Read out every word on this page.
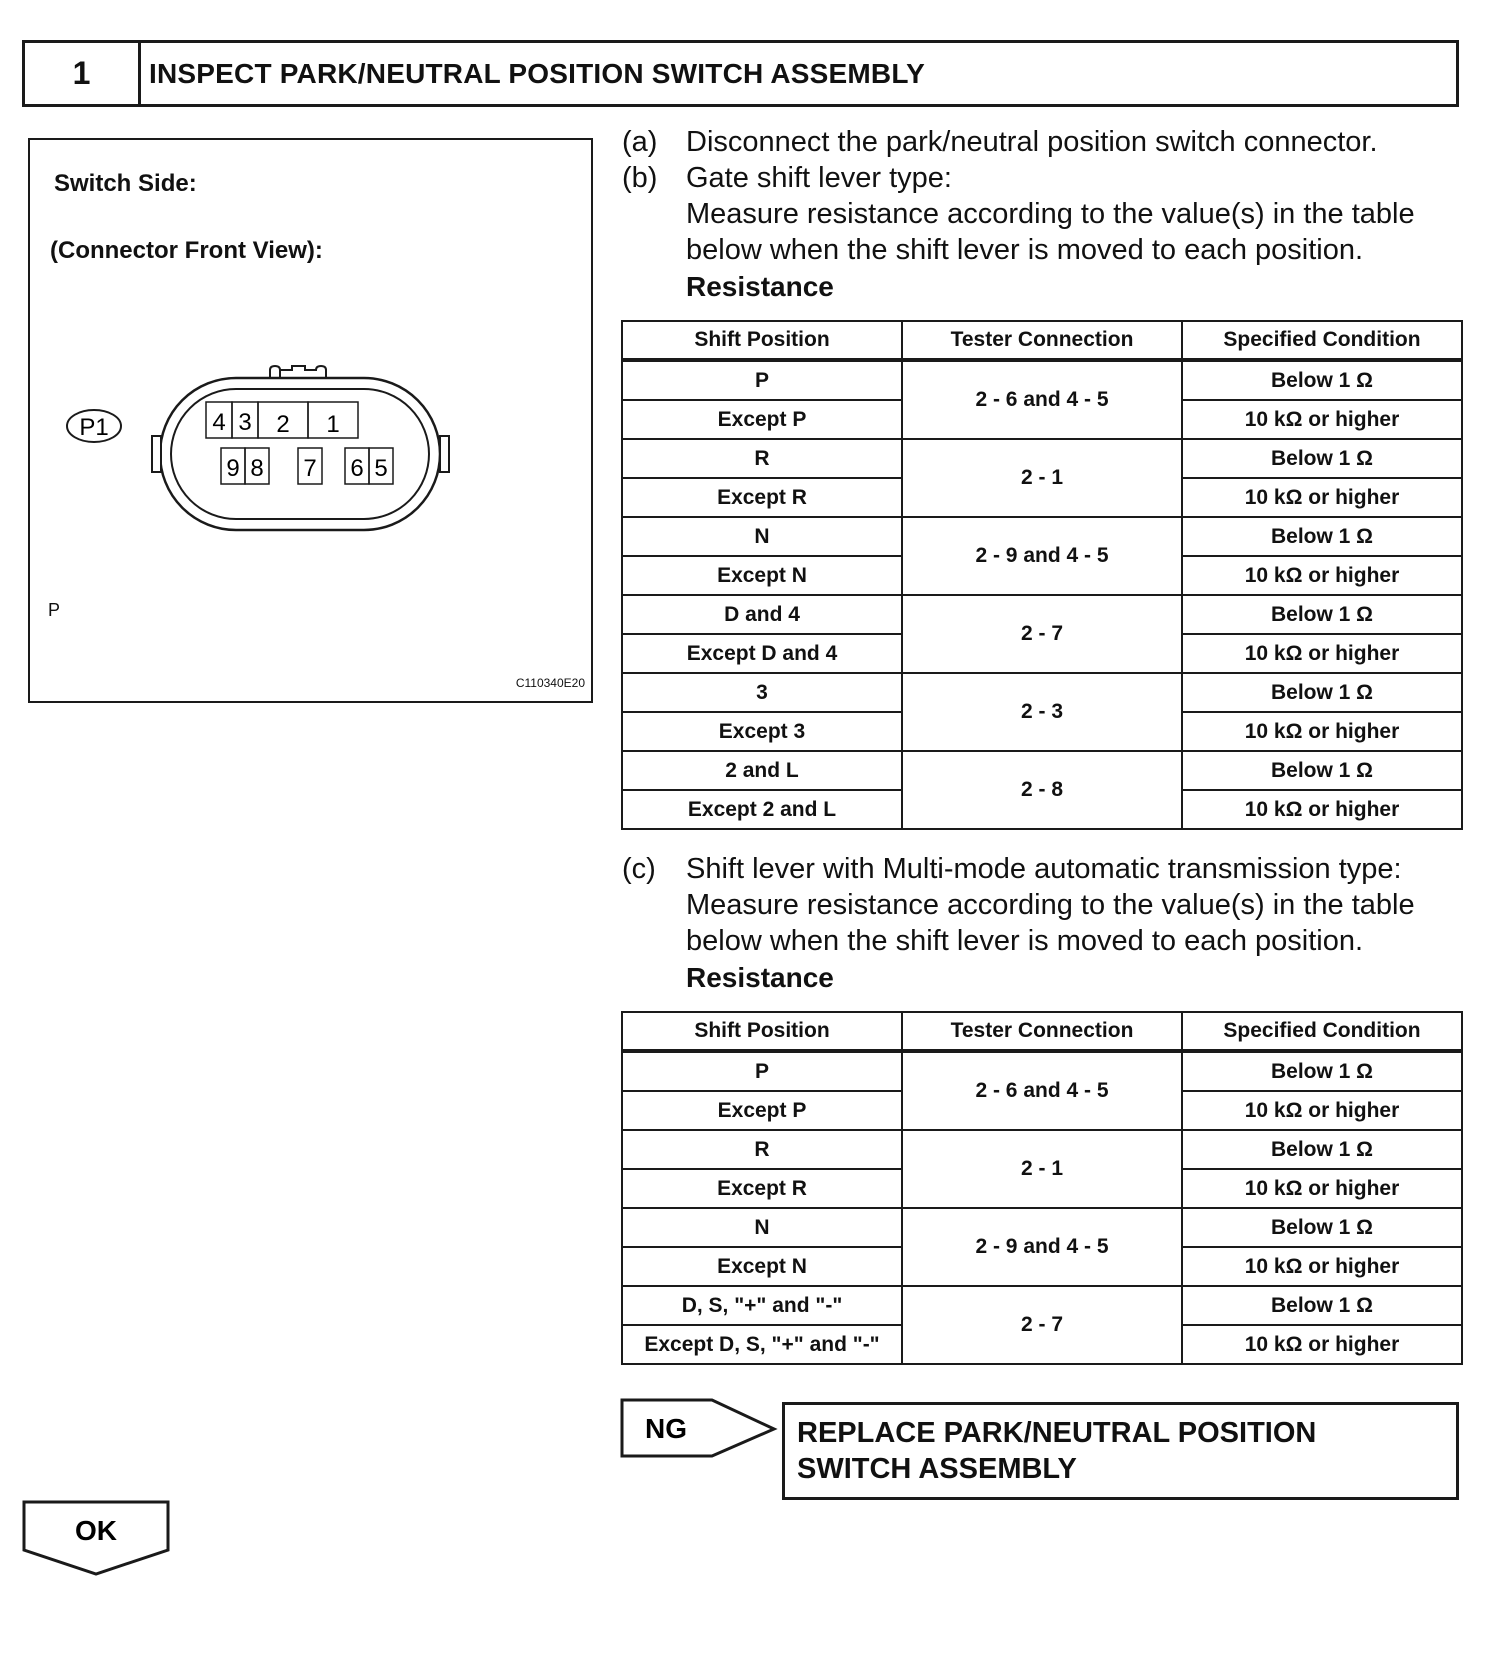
1	INSPECT PARK/NEUTRAL POSITION SWITCH ASSEMBLY
Switch Side:
(Connector Front View):
P1	4 3 2 1
9 8 7 6 5
P
C110340E20
(a) Disconnect the park/neutral position switch connector.
(b) Gate shift lever type:
Measure resistance according to the value(s) in the table
below when the shift lever is moved to each position.
Resistance
Shift Position	Tester Connection	Specified Condition
P	2 - 6 and 4 - 5	Below 1 Ω
Except P		10 kΩ or higher
R	2 - 1	Below 1 Ω
Except R		10 kΩ or higher
N	2 - 9 and 4 - 5	Below 1 Ω
Except N		10 kΩ or higher
D and 4	2 - 7	Below 1 Ω
Except D and 4		10 kΩ or higher
3	2 - 3	Below 1 Ω
Except 3		10 kΩ or higher
2 and L	2 - 8	Below 1 Ω
Except 2 and L		10 kΩ or higher
(c) Shift lever with Multi-mode automatic transmission type:
Measure resistance according to the value(s) in the table
below when the shift lever is moved to each position.
Resistance
Shift Position	Tester Connection	Specified Condition
P	2 - 6 and 4 - 5	Below 1 Ω
Except P		10 kΩ or higher
R	2 - 1	Below 1 Ω
Except R		10 kΩ or higher
N	2 - 9 and 4 - 5	Below 1 Ω
Except N		10 kΩ or higher
D, S, "+" and "-"	2 - 7	Below 1 Ω
Except D, S, "+" and "-"		10 kΩ or higher
NG	REPLACE PARK/NEUTRAL POSITION
SWITCH ASSEMBLY
OK
